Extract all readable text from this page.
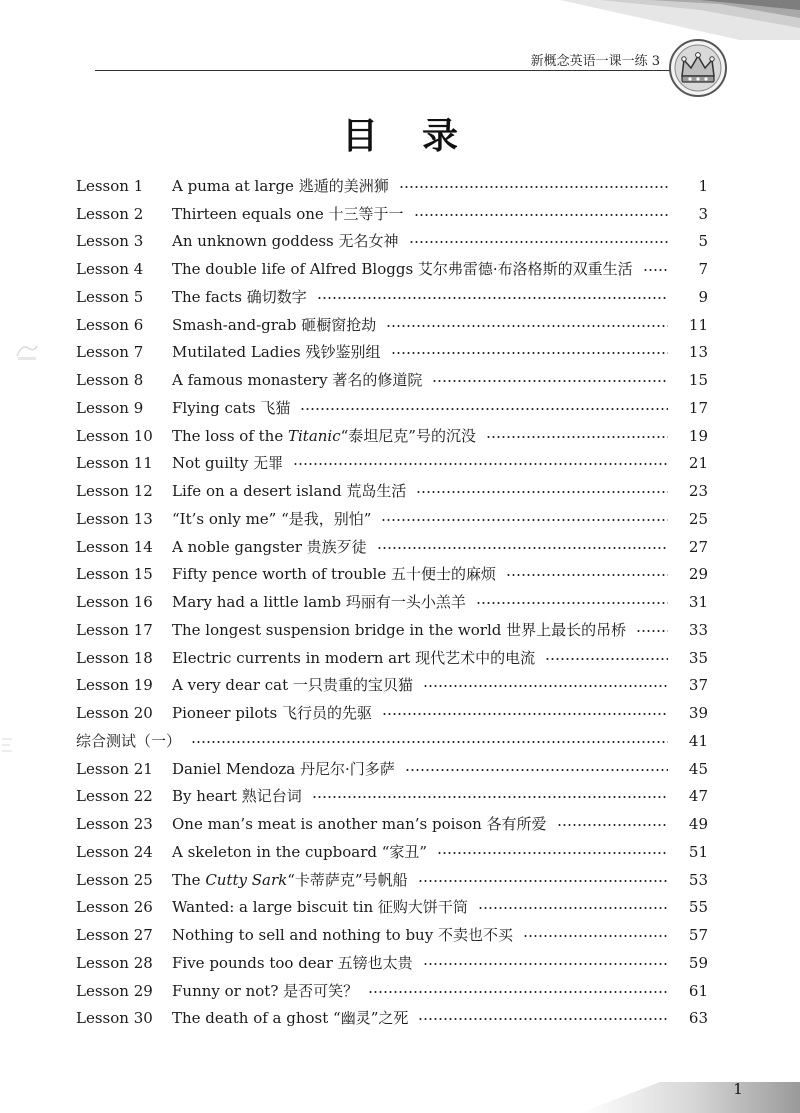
新概念英语一课一练 3
目录
Lesson 1	A puma at large 逃遁的美洲狮	1
Lesson 2	Thirteen equals one 十三等于一	3
Lesson 3	An unknown goddess 无名女神	5
Lesson 4	The double life of Alfred Bloggs 艾尔弗雷德·布洛格斯的双重生活	7
Lesson 5	The facts 确切数字	9
Lesson 6	Smash-and-grab 砸橱窗抢劫	11
Lesson 7	Mutilated Ladies 残钞鉴别组	13
Lesson 8	A famous monastery 著名的修道院	15
Lesson 9	Flying cats 飞猫	17
Lesson 10	The loss of the Titanic“泰坦尼克”号的沉没	19
Lesson 11	Not guilty 无罪	21
Lesson 12	Life on a desert island 荒岛生活	23
Lesson 13	“It’s only me” “是我，别怕”	25
Lesson 14	A noble gangster 贵族歹徒	27
Lesson 15	Fifty pence worth of trouble 五十便士的麻烦	29
Lesson 16	Mary had a little lamb 玛丽有一头小羔羊	31
Lesson 17	The longest suspension bridge in the world 世界上最长的吊桥	33
Lesson 18	Electric currents in modern art 现代艺术中的电流	35
Lesson 19	A very dear cat 一只贵重的宝贝猫	37
Lesson 20	Pioneer pilots 飞行员的先驱	39
综合测试（一）	41
Lesson 21	Daniel Mendoza 丹尼尔·门多萨	45
Lesson 22	By heart 熟记台词	47
Lesson 23	One man’s meat is another man’s poison 各有所爱	49
Lesson 24	A skeleton in the cupboard “家丑”	51
Lesson 25	The Cutty Sark“卡蒂萨克”号帆船	53
Lesson 26	Wanted: a large biscuit tin 征购大饼干筒	55
Lesson 27	Nothing to sell and nothing to buy 不卖也不买	57
Lesson 28	Five pounds too dear 五镑也太贵	59
Lesson 29	Funny or not? 是否可笑？	61
Lesson 30	The death of a ghost “幽灵”之死	63
1
